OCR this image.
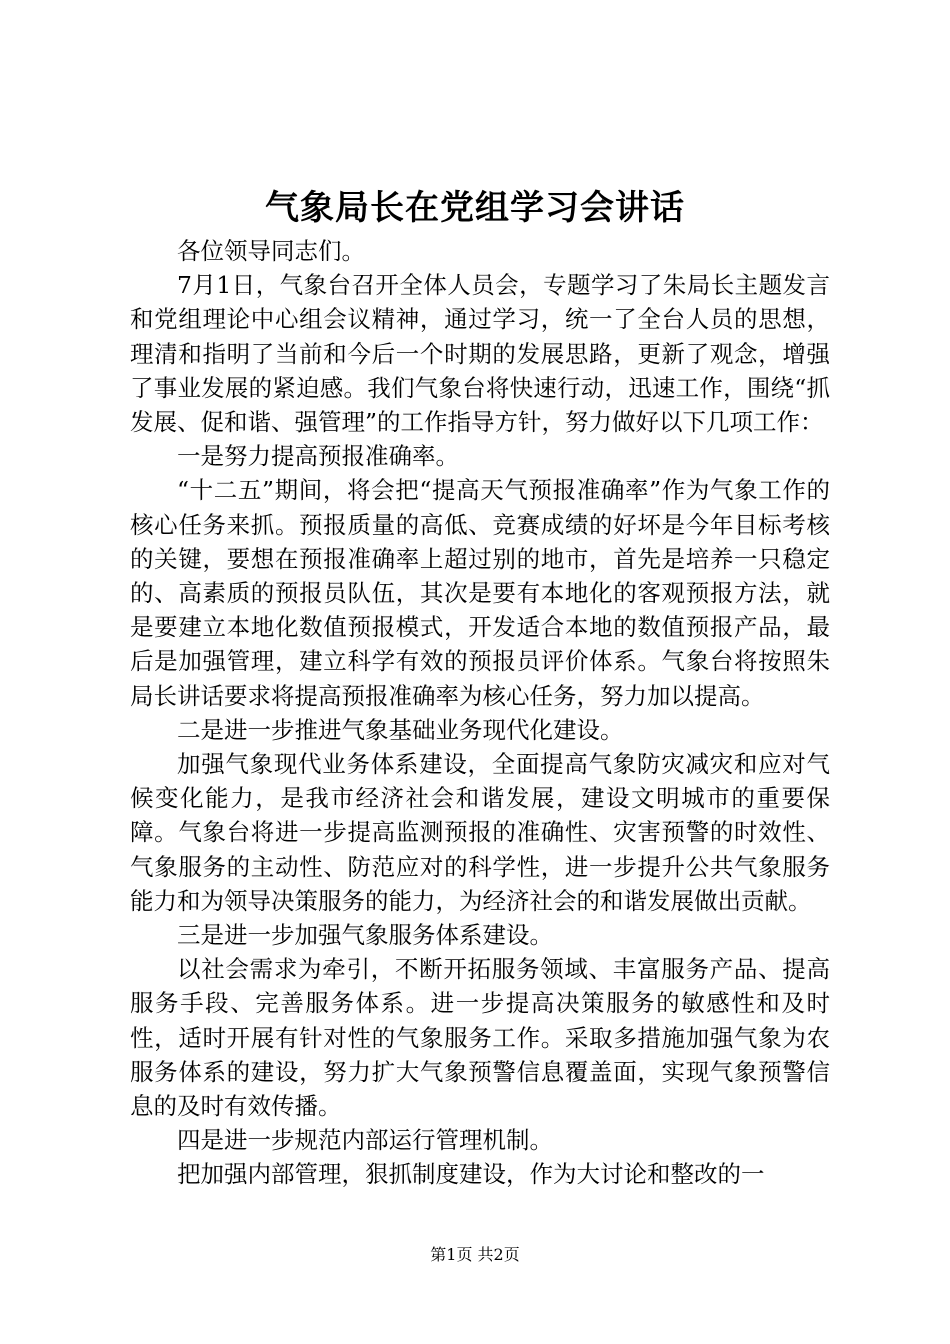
气象局长在党组学习会讲话

各位领导同志们。

7月1日，气象台召开全体人员会，专题学习了朱局长主题发言和党组理论中心组会议精神，通过学习，统一了全台人员的思想，理清和指明了当前和今后一个时期的发展思路，更新了观念，增强了事业发展的紧迫感。我们气象台将快速行动，迅速工作，围绕“抓发展、促和谐、强管理”的工作指导方针，努力做好以下几项工作：

一是努力提高预报准确率。

“十二五”期间，将会把“提高天气预报准确率”作为气象工作的核心任务来抓。预报质量的高低、竞赛成绩的好坏是今年目标考核的关键，要想在预报准确率上超过别的地市，首先是培养一只稳定的、高素质的预报员队伍，其次是要有本地化的客观预报方法，就是要建立本地化数值预报模式，开发适合本地的数值预报产品，最后是加强管理，建立科学有效的预报员评价体系。气象台将按照朱局长讲话要求将提高预报准确率为核心任务，努力加以提高。

二是进一步推进气象基础业务现代化建设。

加强气象现代业务体系建设，全面提高气象防灾减灾和应对气候变化能力，是我市经济社会和谐发展，建设文明城市的重要保障。气象台将进一步提高监测预报的准确性、灾害预警的时效性、气象服务的主动性、防范应对的科学性，进一步提升公共气象服务能力和为领导决策服务的能力，为经济社会的和谐发展做出贡献。

三是进一步加强气象服务体系建设。

以社会需求为牵引，不断开拓服务领域、丰富服务产品、提高服务手段、完善服务体系。进一步提高决策服务的敏感性和及时性，适时开展有针对性的气象服务工作。采取多措施加强气象为农服务体系的建设，努力扩大气象预警信息覆盖面，实现气象预警信息的及时有效传播。

四是进一步规范内部运行管理机制。

把加强内部管理，狠抓制度建设，作为大讨论和整改的一

第1页 共2页
